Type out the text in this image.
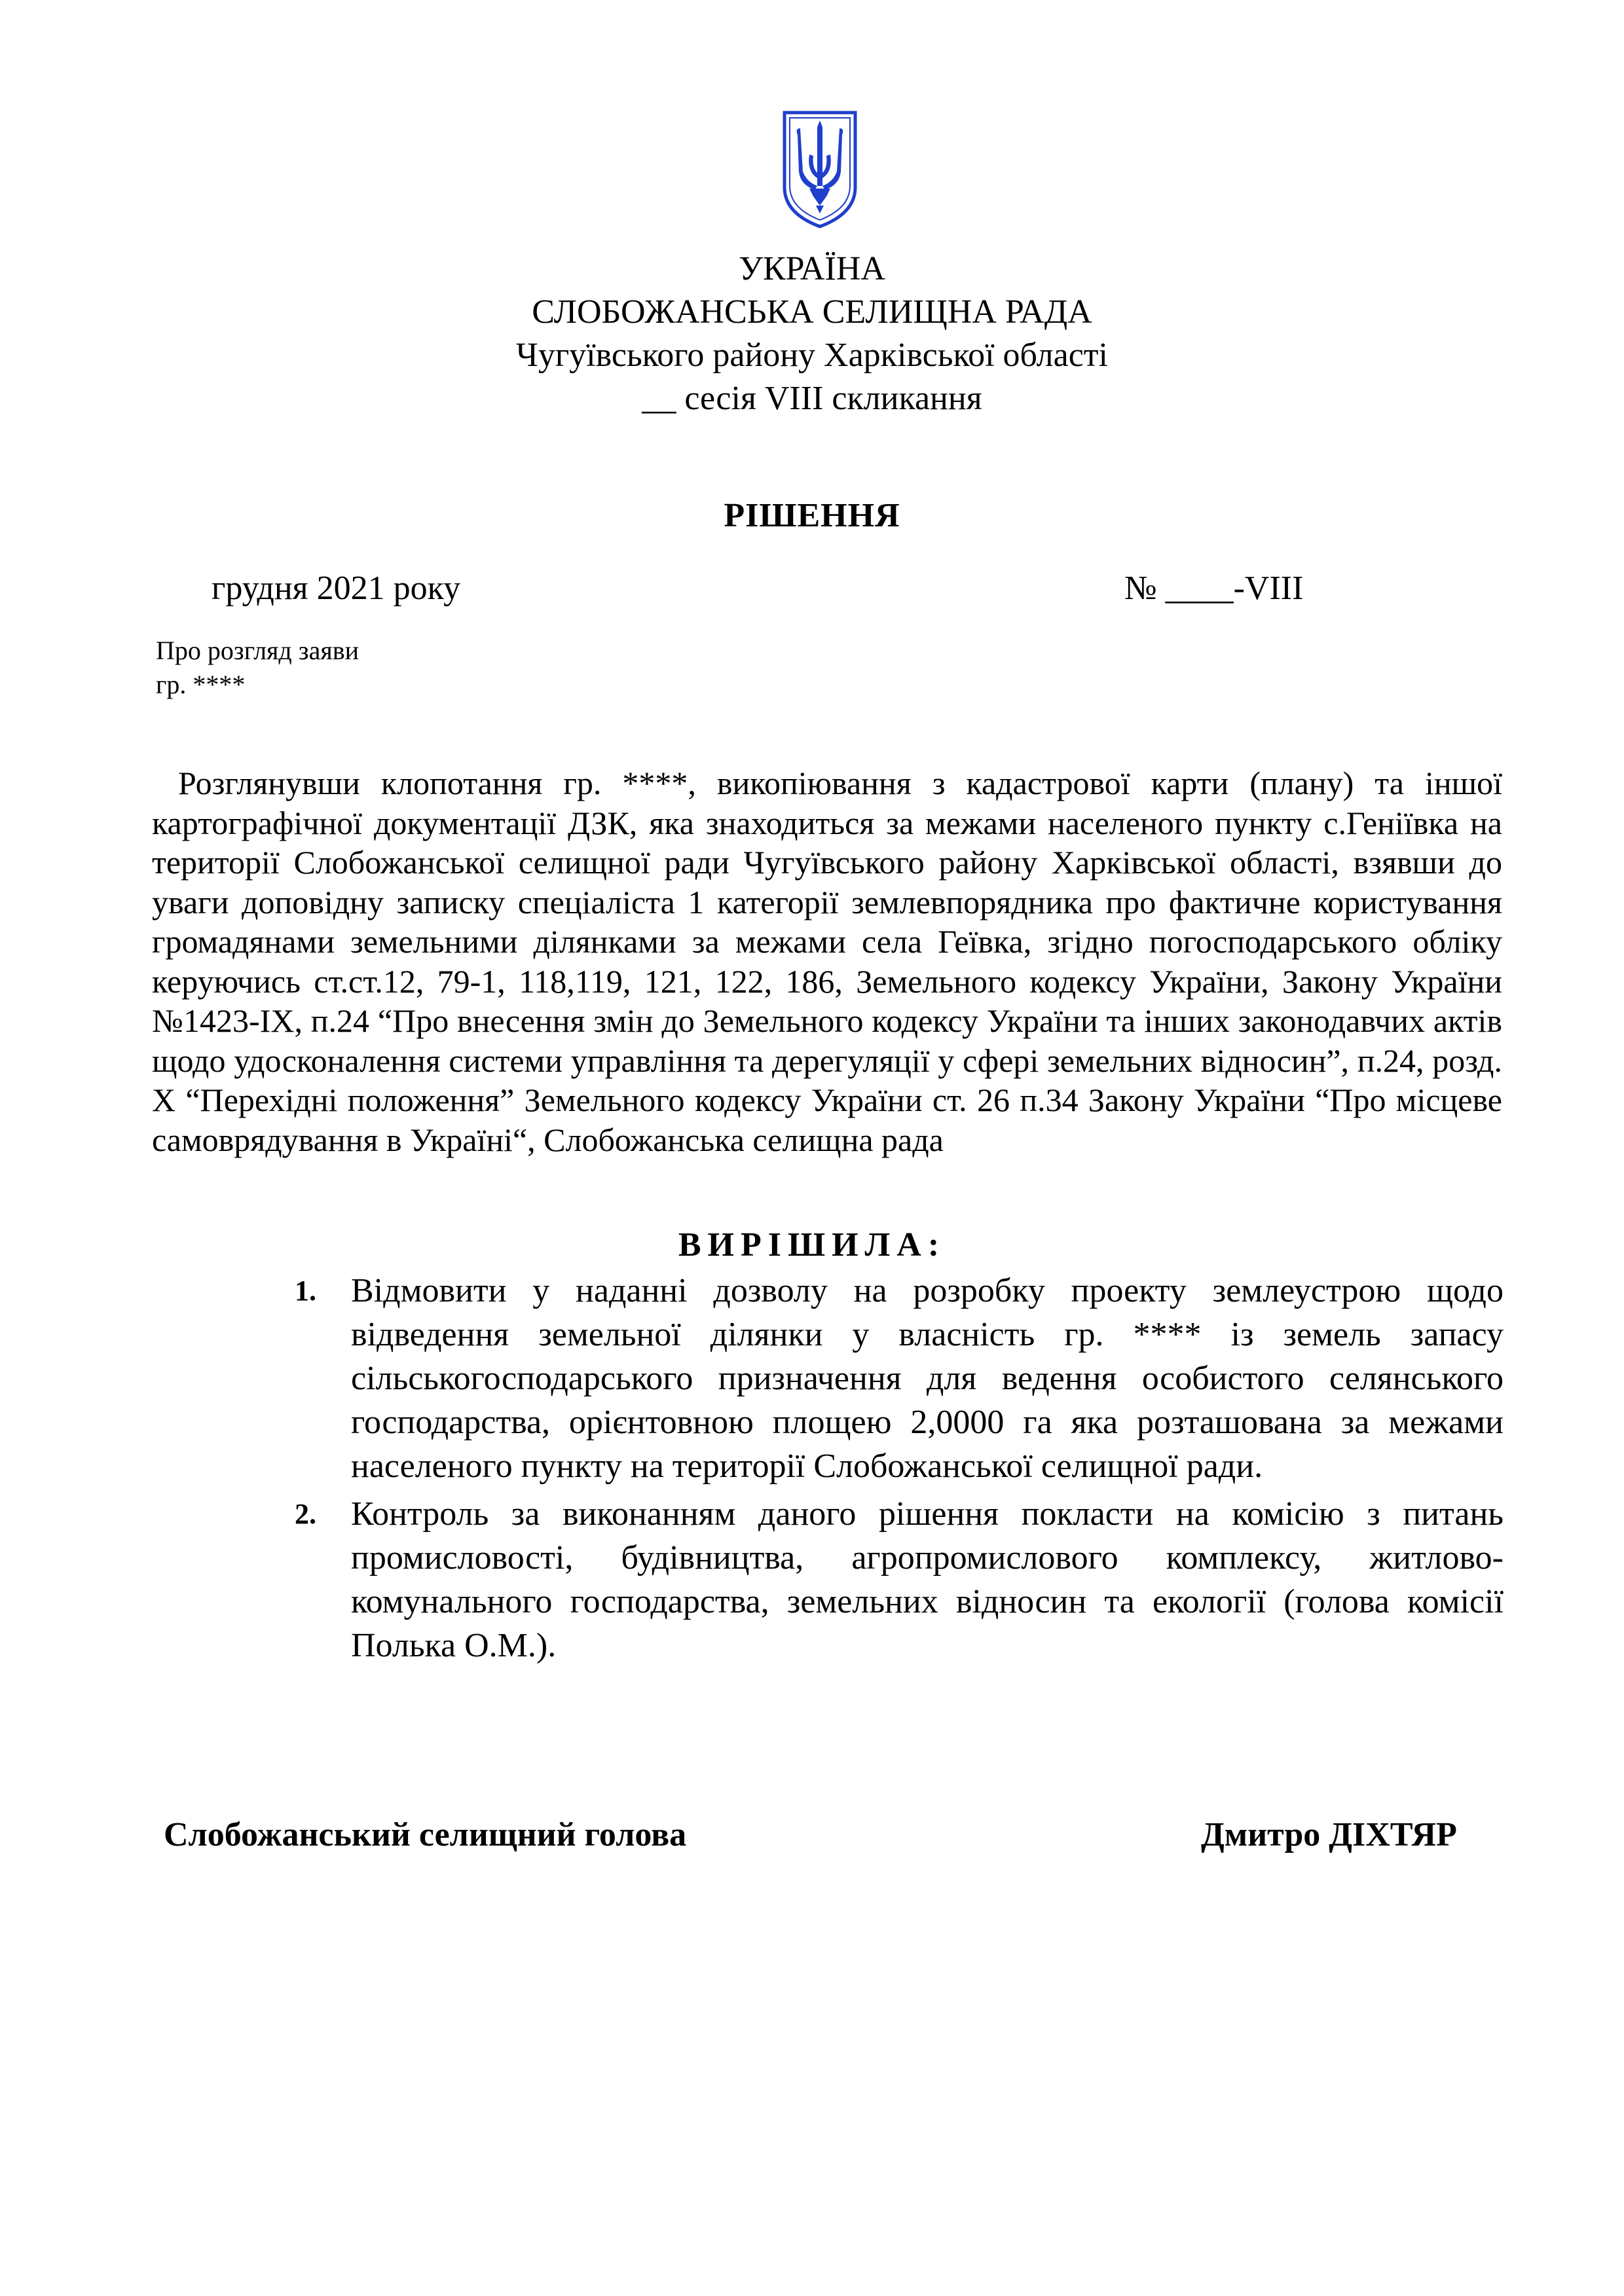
УКРАЇНА
СЛОБОЖАНСЬКА СЕЛИЩНА РАДА
Чугуївського району Харківської області
__ сесія VIII скликання
РІШЕННЯ
грудня 2021 року	№ ____-VIII
Про розгляд заяви
гр. ****

Розглянувши клопотання гр. ****, викопіювання з кадастрової карти (плану) та іншої картографічної документації ДЗК, яка знаходиться за межами населеного пункту с.Геніївка на території Слобожанської селищної ради Чугуївського району Харківської області, взявши до уваги доповідну записку спеціаліста 1 категорії землевпорядника про фактичне користування громадянами земельними ділянками за межами села Геївка, згідно погосподарського обліку керуючись ст.ст.12, 79-1, 118,119, 121, 122, 186, Земельного кодексу України, Закону України №1423-IX, п.24 “Про внесення змін до Земельного кодексу України та інших законодавчих актів щодо удосконалення системи управління та дерегуляції у сфері земельних відносин”, п.24, розд. X “Перехідні положення” Земельного кодексу України ст. 26 п.34 Закону України “Про місцеве самоврядування в Україні“, Слобожанська селищна рада

ВИРІШИЛА:
1. Відмовити у наданні дозволу на розробку проекту землеустрою щодо відведення земельної ділянки у власність гр. **** із земель запасу сільськогосподарського призначення для ведення особистого селянського господарства, орієнтовною площею 2,0000 га яка розташована за межами населеного пункту на території Слобожанської селищної ради.
2. Контроль за виконанням даного рішення покласти на комісію з питань промисловості, будівництва, агропромислового комплексу, житлово-комунального господарства, земельних відносин та екології (голова комісії Полька О.М.).
Слобожанський селищний голова	Дмитро ДІХТЯР
